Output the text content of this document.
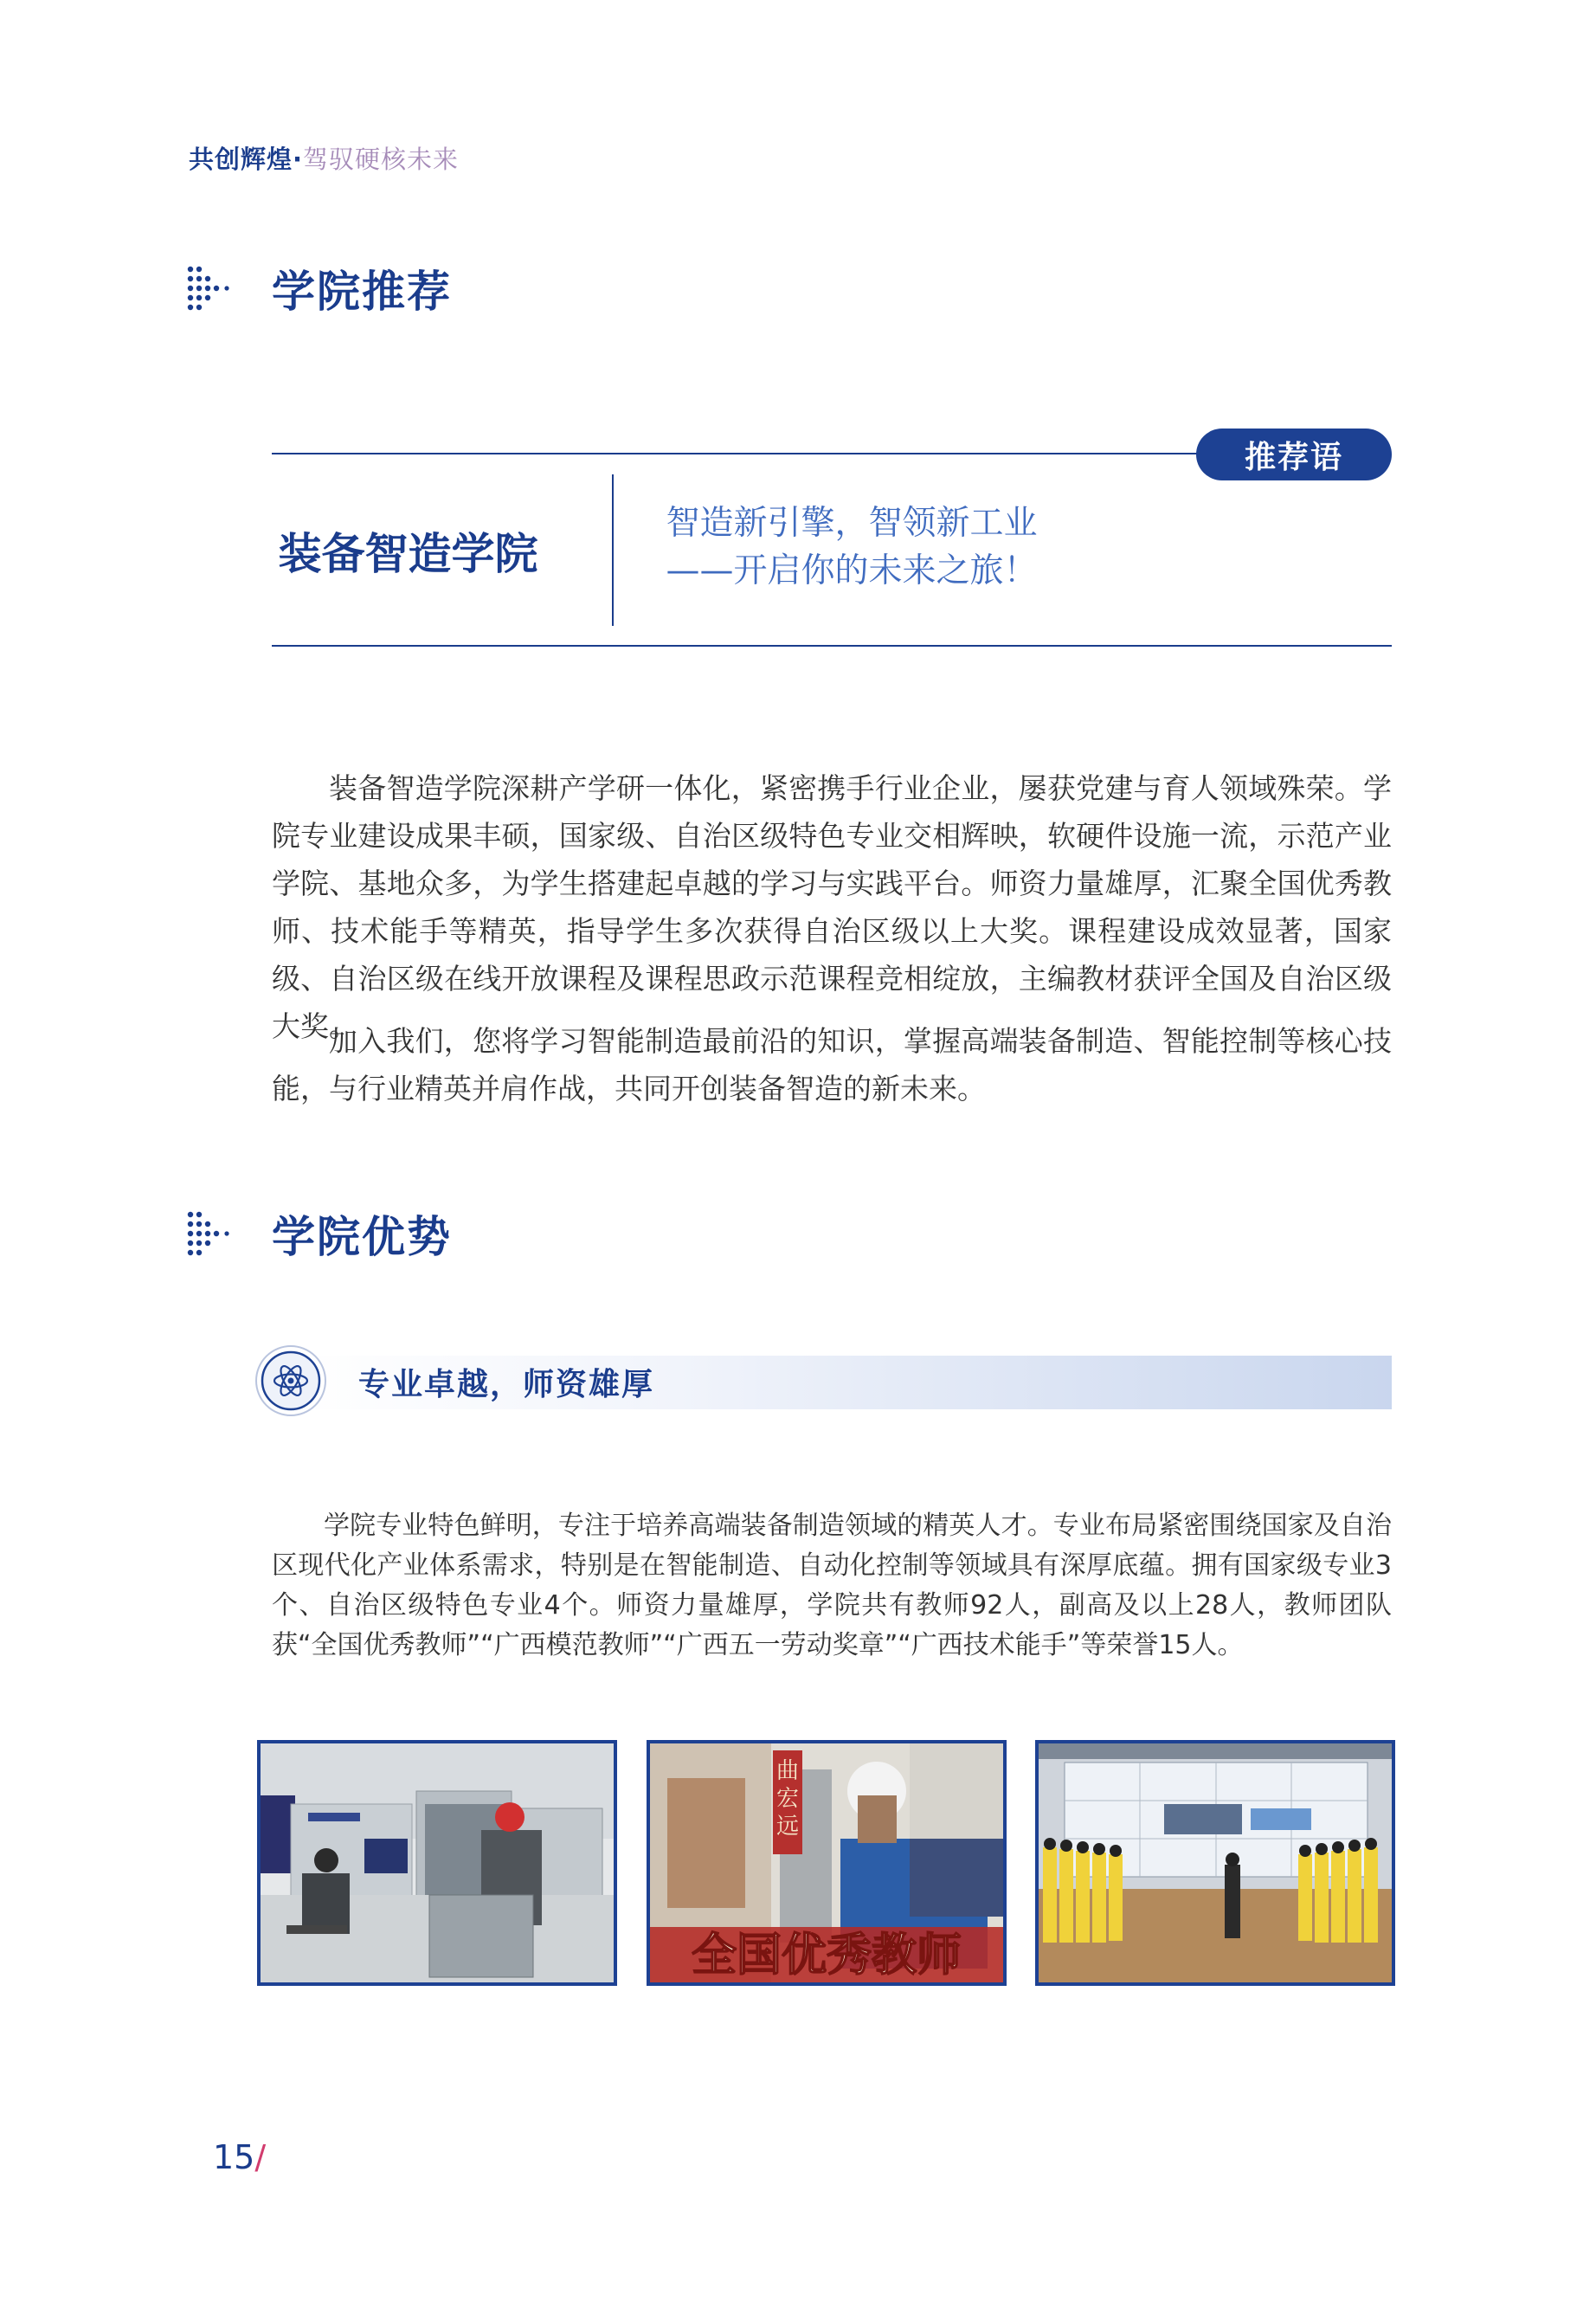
共创辉煌·驾驭硬核未来
学院推荐
推荐语
装备智造学院
智造新引擎，智领新工业
——开启你的未来之旅！

装备智造学院深耕产学研一体化，紧密携手行业企业，屡获党建与育人领域殊荣。学院专业建设成果丰硕，国家级、自治区级特色专业交相辉映，软硬件设施一流，示范产业学院、基地众多，为学生搭建起卓越的学习与实践平台。师资力量雄厚，汇聚全国优秀教师、技术能手等精英，指导学生多次获得自治区级以上大奖。课程建设成效显著，国家级、自治区级在线开放课程及课程思政示范课程竞相绽放，主编教材获评全国及自治区级大奖。

加入我们，您将学习智能制造最前沿的知识，掌握高端装备制造、智能控制等核心技能，与行业精英并肩作战，共同开创装备智造的新未来。

学院优势
专业卓越，师资雄厚

学院专业特色鲜明，专注于培养高端装备制造领域的精英人才。专业布局紧密围绕国家及自治区现代化产业体系需求，特别是在智能制造、自动化控制等领域具有深厚底蕴。拥有国家级专业3个、自治区级特色专业4个。师资力量雄厚，学院共有教师92人，副高及以上28人，教师团队获“全国优秀教师”“广西模范教师”“广西五一劳动奖章”“广西技术能手”等荣誉15人。

曲
宏
远
全国优秀教师
15/
